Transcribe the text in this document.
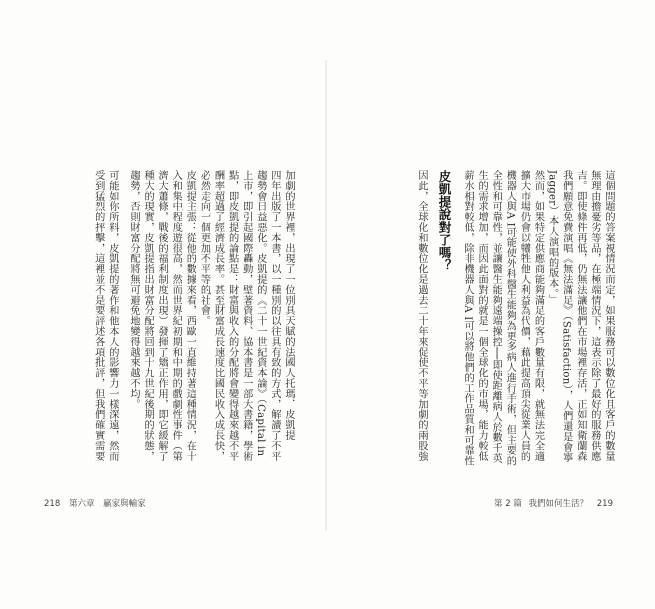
加劇的世界裡，出現了一位別具天賦的法國人托瑪．皮凱提
四年出版了一本書，以一種別的以往具有致的方式，解讀了不平
趨勢會日益惡化。皮凱提的《二十一世紀資本論》（Capital in
上市，即引起國際轟動，壁著資料、協本書是一部大書籍，學術
點，即皮凱提的論點是：財富與收入的分配將會變得越來越不平
酬率超過了經濟成長率。甚至財富成長速度比國民收入成長快，
必然走向一個更加不平等的社會。
皮凱提主張：從他的數據來看，西歐一直維持著這種情況，在十
入和集中程度遊很高，然而世界紀初期和中期的戲劇性事件（第
濟大蕭條，戰後的福利制度出現）發揮了矯正作用，即它緩解了
種大的現實，皮凱提指出財富分配將回到十九世紀後期的狀態，
趨勢，否則財富分配將無可避免地變得越來越不均。
可能如你所料，皮凱提的著作和他本人的影響力一樣深遠，然而
受到猛烈的抨擊，這裡並不是要評述各項批評，但我們確實需要
218 第六章 贏家與輸家
這個問題的答案視情況而定，如果服務可以數位化且客戶的數量
無理由擔憂劣等品，在極端情況下，這表示除了最好的服務供應
吉。即使條件再低，仍無法讓他們在市場裡存活，正如知衛蘭森
我們願意免費演唱《無法滿足》（Satisfaction），人們還是會寧
Jagger）本人演唱的版本。」
然而，如果特定供應商能夠滿足的客戶數量有限，就無法完全適
擴大市場仍會以犧牲他人利益為代價，藉此提高頂尖從業人員的
機器人與A I可能使外科醫生能夠為更多病人進行手術，但主要的
全性和可靠性，並讓醫生能夠遠端操控──即使距離病人於數千英
生的需求增加，而因此面對的就是一個全球化的市場，能力較低
薪水相對較低，除非機器人與A I可以將他們的工作品質和可靠性
皮凱提說對了嗎？
因此，全球化和數位化是過去二十年來促使不平等加劇的兩股強
第 2 篇 我們如何生活？ 219
